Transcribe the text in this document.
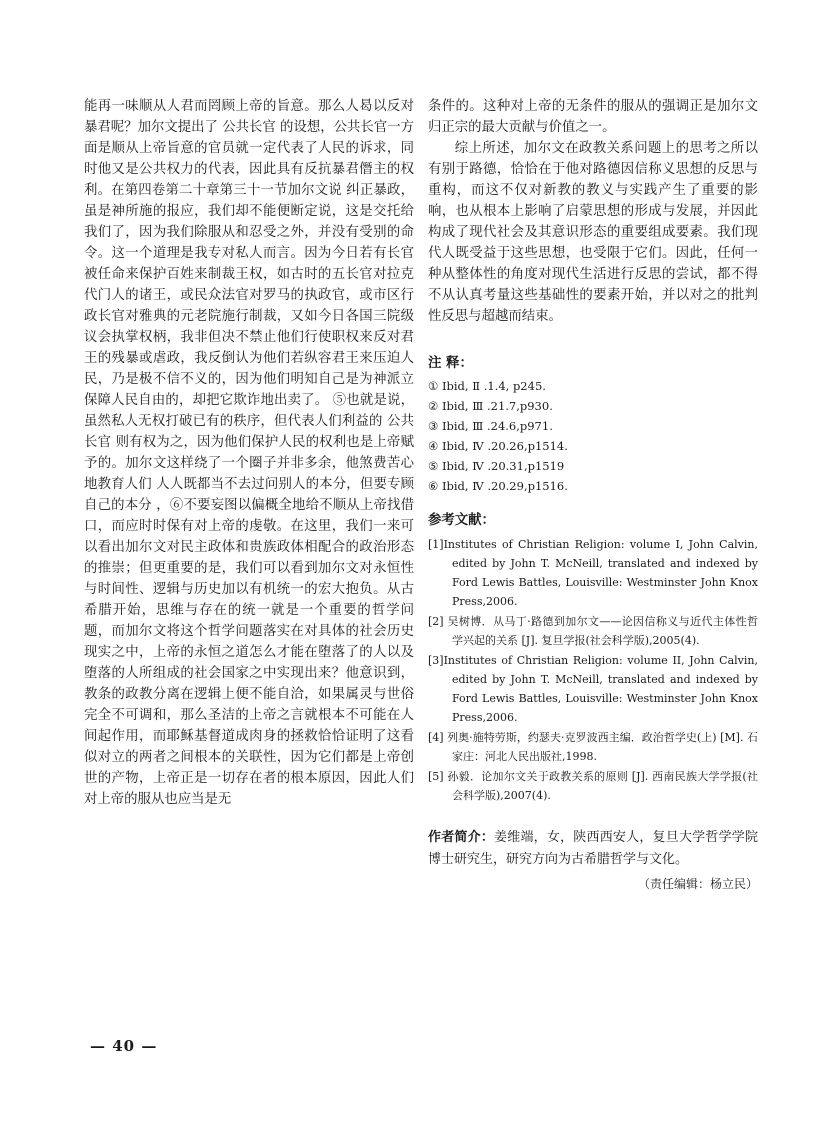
能再一味顺从人君而罔顾上帝的旨意。那么人曷以反对暴君呢？加尔文提出了 公共长官 的设想，公共长官一方面是顺从上帝旨意的官员就一定代表了人民的诉求，同时他又是公共权力的代表，因此具有反抗暴君僭主的权利。在第四卷第二十章第三十一节加尔文说 纠正暴政，虽是神所施的报应，我们却不能便断定说，这是交托给我们了，因为我们除服从和忍受之外，并没有受别的命令。这一个道理是我专对私人而言。因为今日若有长官被任命来保护百姓来制裁王权，如古时的五长官对拉克代门人的诸王，或民众法官对罗马的执政官，或市区行政长官对雅典的元老院施行制裁，又如今日各国三院级议会执掌权柄，我非但决不禁止他们行使职权来反对君王的残暴或虐政，我反倒认为他们若纵容君王来压迫人民，乃是极不信不义的，因为他们明知自己是为神派立保障人民自由的，却把它欺诈地出卖了。 ⑤也就是说，虽然私人无权打破已有的秩序，但代表人们利益的 公共长官 则有权为之，因为他们保护人民的权利也是上帝赋予的。加尔文这样绕了一个圈子并非多余，他煞费苦心地教育人们 人人既都当不去过问别人的本分，但要专顾自己的本分 ，⑥不要妄图以偏概全地给不顺从上帝找借口，而应时时保有对上帝的虔敬。在这里，我们一来可以看出加尔文对民主政体和贵族政体相配合的政治形态的推崇；但更重要的是，我们可以看到加尔文对永恒性与时间性、逻辑与历史加以有机统一的宏大抱负。从古希腊开始，思维与存在的统一就是一个重要的哲学问题，而加尔文将这个哲学问题落实在对具体的社会历史现实之中，上帝的永恒之道怎么才能在堕落了的人以及堕落的人所组成的社会国家之中实现出来？他意识到，教条的政教分离在逻辑上便不能自洽，如果属灵与世俗完全不可调和，那么圣洁的上帝之言就根本不可能在人间起作用，而耶稣基督道成肉身的拯救恰恰证明了这看似对立的两者之间根本的关联性，因为它们都是上帝创世的产物，上帝正是一切存在者的根本原因，因此人们对上帝的服从也应当是无

条件的。这种对上帝的无条件的服从的强调正是加尔文归正宗的最大贡献与价值之一。

综上所述，加尔文在政教关系问题上的思考之所以有别于路德，恰恰在于他对路德因信称义思想的反思与重构，而这不仅对新教的教义与实践产生了重要的影响，也从根本上影响了启蒙思想的形成与发展，并因此构成了现代社会及其意识形态的重要组成要素。我们现代人既受益于这些思想，也受限于它们。因此，任何一种从整体性的角度对现代生活进行反思的尝试，都不得不从认真考量这些基础性的要素开始，并以对之的批判性反思与超越而结束。

注 释：
① Ibid, Ⅱ .1.4, p245.
② Ibid, Ⅲ .21.7,p930.
③ Ibid, Ⅲ .24.6,p971.
④ Ibid, Ⅳ .20.26,p1514.
⑤ Ibid, Ⅳ .20.31,p1519
⑥ Ibid, Ⅳ .20.29,p1516.
参考文献：
[1]Institutes of Christian Religion: volume I, John Calvin, edited by John T. McNeill, translated and indexed by Ford Lewis Battles, Louisville: Westminster John Knox Press,2006.
[2] 吴树博．从马丁·路德到加尔文——论因信称义与近代主体性哲学兴起的关系 [J]. 复旦学报(社会科学版),2005(4).
[3]Institutes of Christian Religion: volume II, John Calvin, edited by John T. McNeill, translated and indexed by Ford Lewis Battles, Louisville: Westminster John Knox Press,2006.
[4] 列奥·施特劳斯，约瑟夫·克罗波西主编．政治哲学史(上) [M]. 石家庄：河北人民出版社,1998.
[5] 孙毅．论加尔文关于政教关系的原则 [J]. 西南民族大学学报(社会科学版),2007(4).
作者简介：姜维端，女，陕西西安人，复旦大学哲学学院博士研究生，研究方向为古希腊哲学与文化。
（责任编辑：杨立民）
— 40 —
